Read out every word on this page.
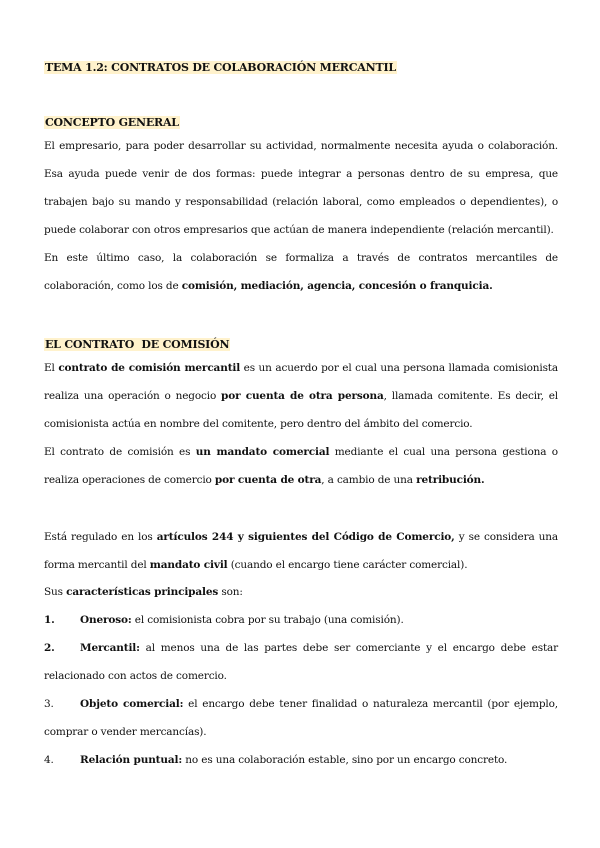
TEMA 1.2: CONTRATOS DE COLABORACIÓN MERCANTIL
CONCEPTO GENERAL

El empresario, para poder desarrollar su actividad, normalmente necesita ayuda o colaboración. Esa ayuda puede venir de dos formas: puede integrar a personas dentro de su empresa, que trabajen bajo su mando y responsabilidad (relación laboral, como empleados o dependientes), o puede colaborar con otros empresarios que actúan de manera independiente (relación mercantil).

En este último caso, la colaboración se formaliza a través de contratos mercantiles de colaboración, como los de comisión, mediación, agencia, concesión o franquicia.

EL CONTRATO  DE COMISIÓN

El contrato de comisión mercantil es un acuerdo por el cual una persona llamada comisionista realiza una operación o negocio por cuenta de otra persona, llamada comitente. Es decir, el comisionista actúa en nombre del comitente, pero dentro del ámbito del comercio.

El contrato de comisión es un mandato comercial mediante el cual una persona gestiona o realiza operaciones de comercio por cuenta de otra, a cambio de una retribución.

Está regulado en los artículos 244 y siguientes del Código de Comercio, y se considera una forma mercantil del mandato civil (cuando el encargo tiene carácter comercial).

Sus características principales son:

1. Oneroso: el comisionista cobra por su trabajo (una comisión).

2. Mercantil: al menos una de las partes debe ser comerciante y el encargo debe estar relacionado con actos de comercio.

3.	Objeto comercial: el encargo debe tener finalidad o naturaleza mercantil (por ejemplo, comprar o vender mercancías).

4.	Relación puntual: no es una colaboración estable, sino por un encargo concreto.
